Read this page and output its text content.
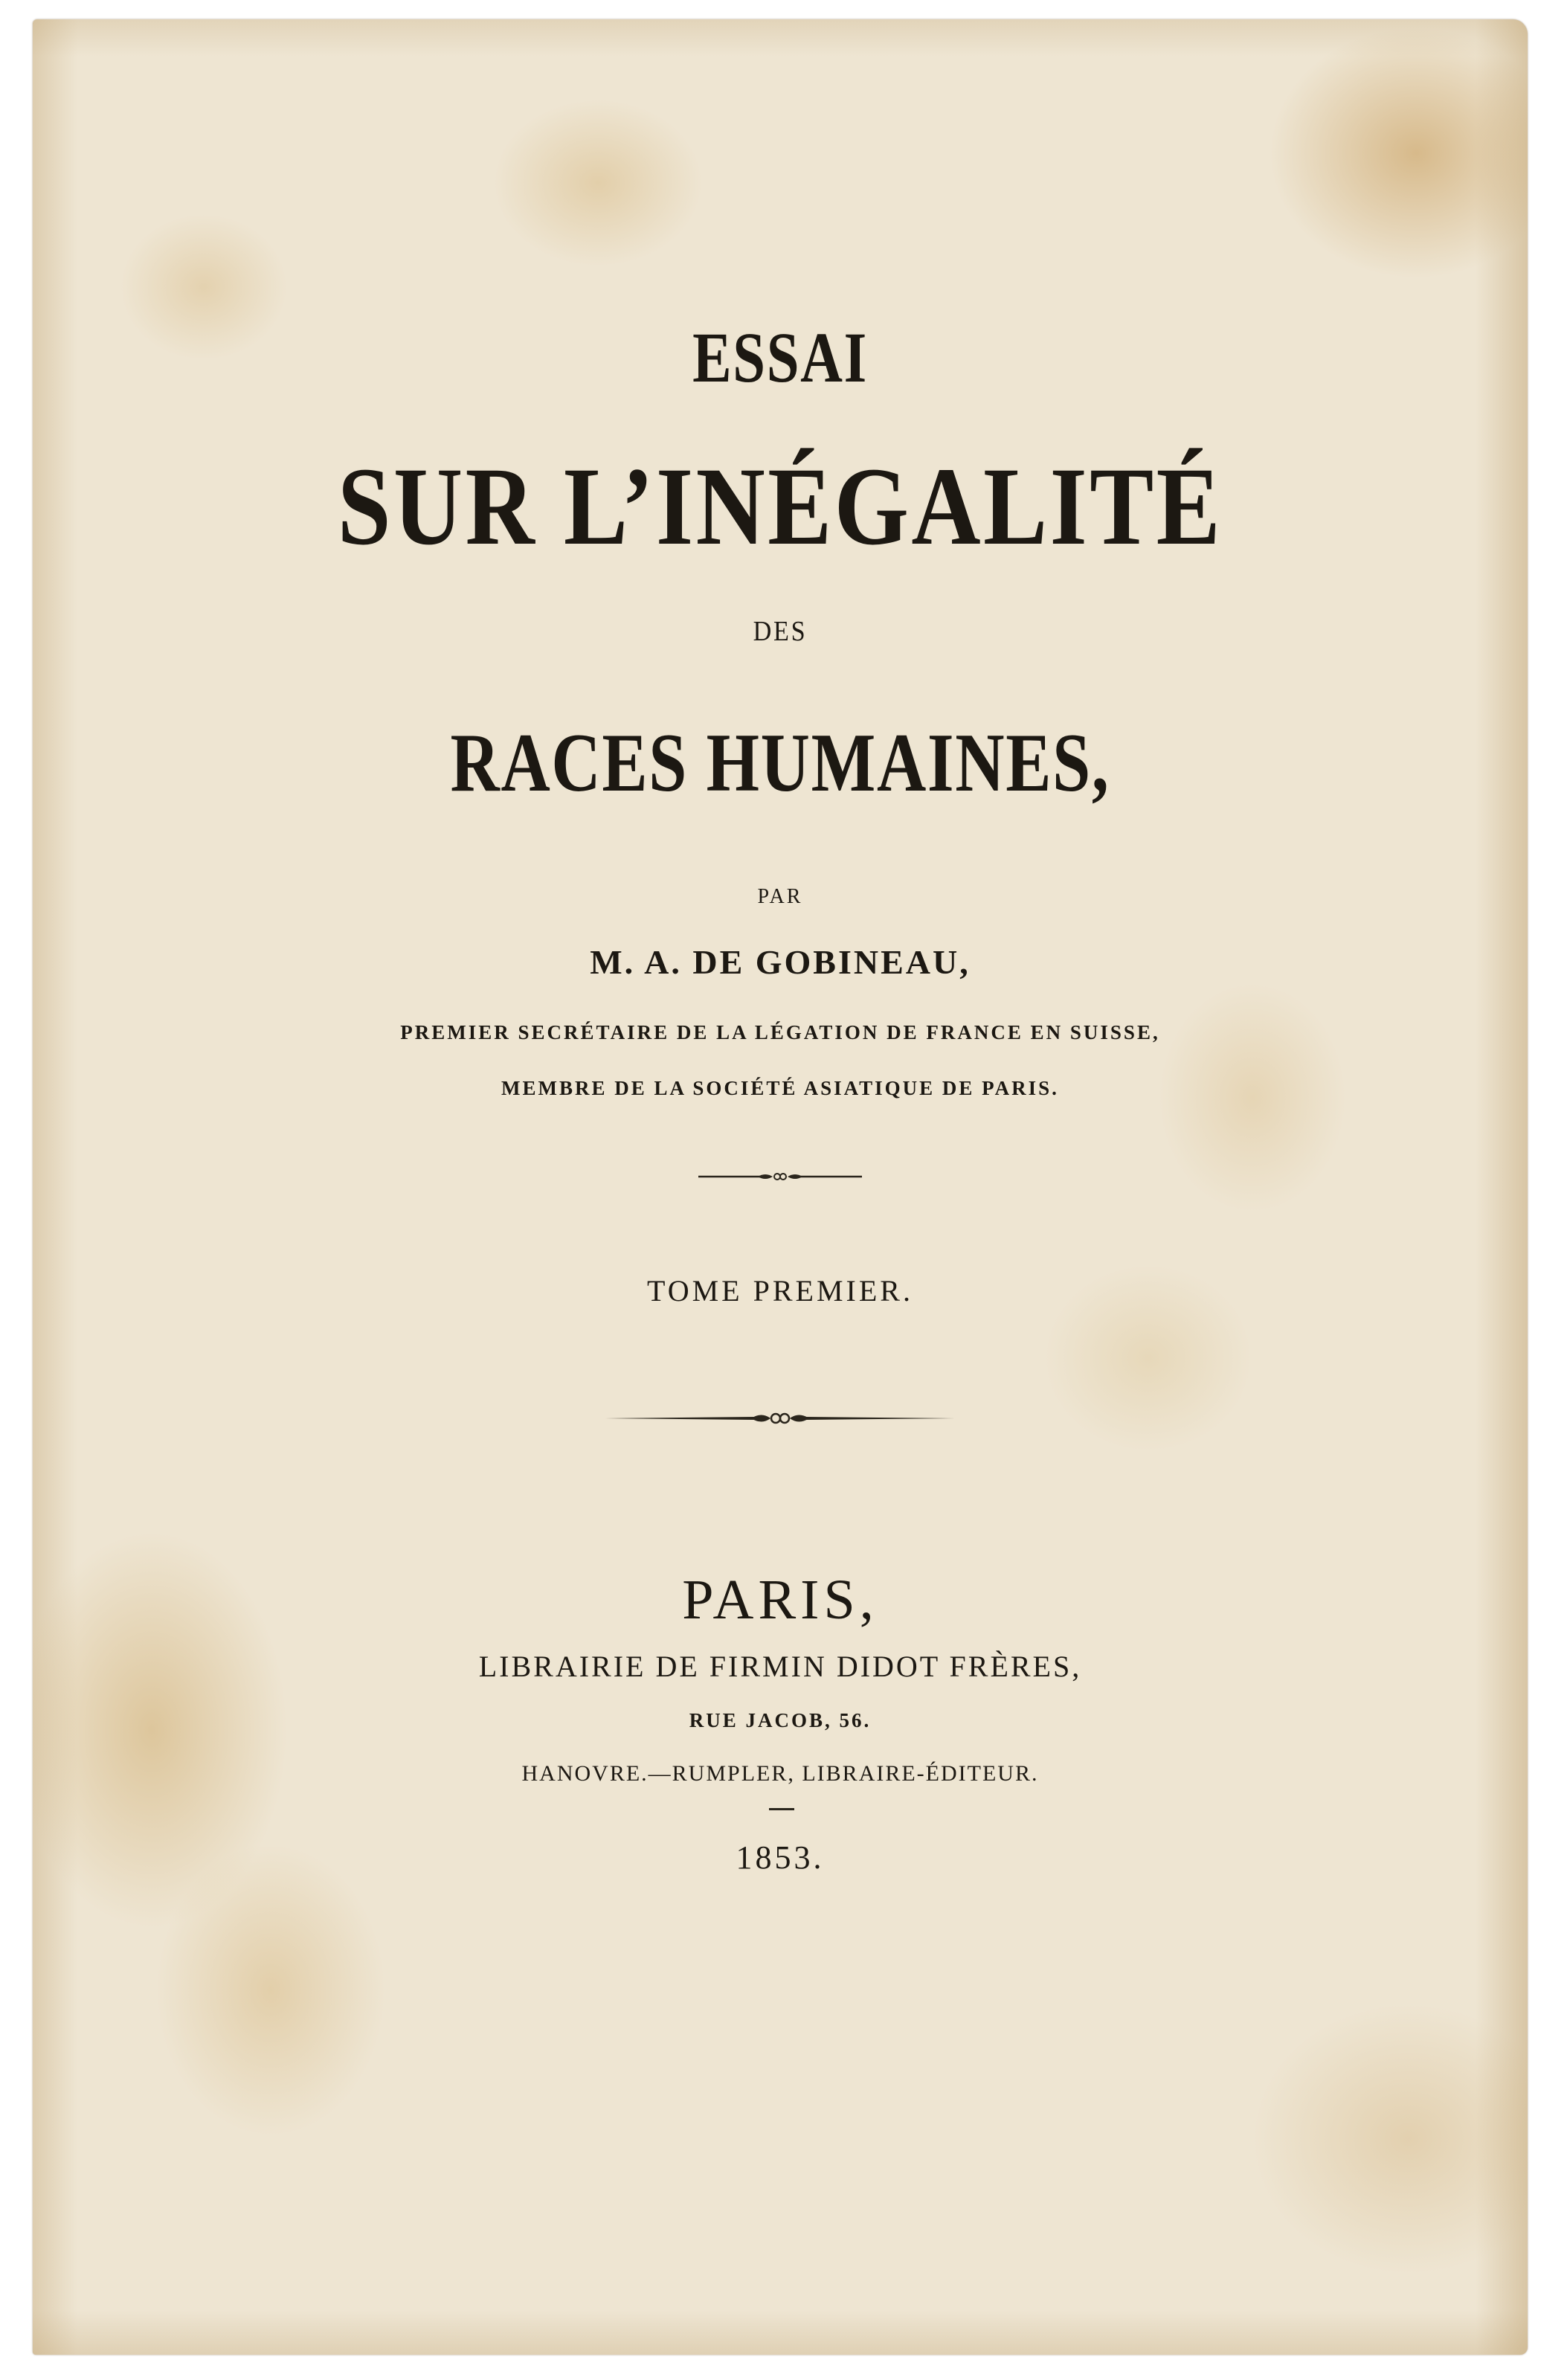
ESSAI
SUR L’INÉGALITÉ
DES
RACES HUMAINES,
PAR
M. A. DE GOBINEAU,
PREMIER SECRÉTAIRE DE LA LÉGATION DE FRANCE EN SUISSE,
MEMBRE DE LA SOCIÉTÉ ASIATIQUE DE PARIS.
TOME PREMIER.
PARIS,
LIBRAIRIE DE FIRMIN DIDOT FRÈRES,
RUE JACOB, 56.
HANOVRE.—RUMPLER, LIBRAIRE-ÉDITEUR.
1853.
